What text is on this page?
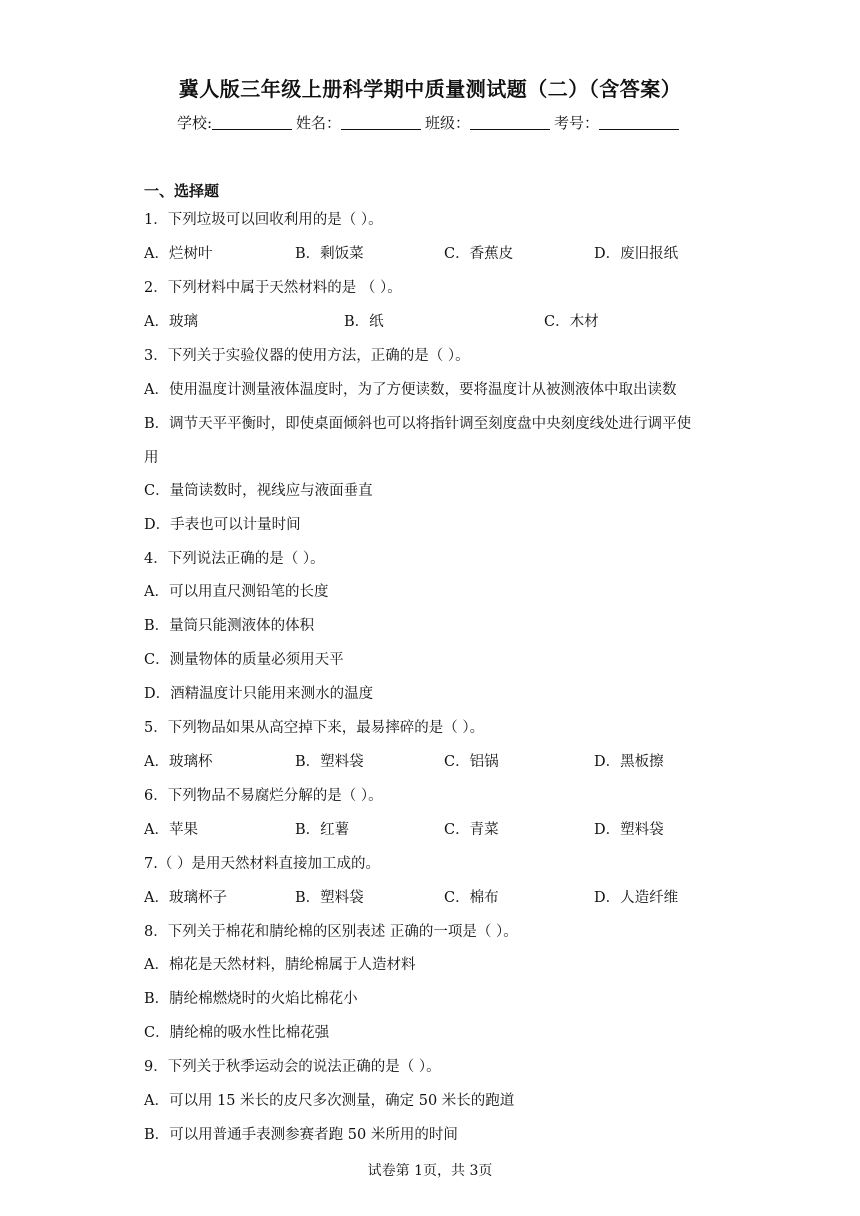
冀人版三年级上册科学期中质量测试题（二）（含答案）
学校:	姓名：	班级：	考号：
一、选择题
1．下列垃圾可以回收利用的是（ ）。
A．烂树叶	B．剩饭菜	C．香蕉皮	D．废旧报纸
2．下列材料中属于天然材料的是 （ ）。
A．玻璃	B．纸	C．木材
3．下列关于实验仪器的使用方法，正确的是（ ）。
A．使用温度计测量液体温度时，为了方便读数，要将温度计从被测液体中取出读数
B．调节天平平衡时，即使桌面倾斜也可以将指针调至刻度盘中央刻度线处进行调平使
用
C．量筒读数时，视线应与液面垂直
D．手表也可以计量时间
4．下列说法正确的是（ ）。
A．可以用直尺测铅笔的长度
B．量筒只能测液体的体积
C．测量物体的质量必须用天平
D．酒精温度计只能用来测水的温度
5．下列物品如果从高空掉下来，最易摔碎的是（ ）。
A．玻璃杯	B．塑料袋	C．铝锅	D．黑板擦
6．下列物品不易腐烂分解的是（ ）。
A．苹果	B．红薯	C．青菜	D．塑料袋
7.（ ）是用天然材料直接加工成的。
A．玻璃杯子	B．塑料袋	C．棉布	D．人造纤维
8．下列关于棉花和腈纶棉的区别表述 正确的一项是（ ）。
A．棉花是天然材料，腈纶棉属于人造材料
B．腈纶棉燃烧时的火焰比棉花小
C．腈纶棉的吸水性比棉花强
9．下列关于秋季运动会的说法正确的是（ ）。
A．可以用 15 米长的皮尺多次测量，确定 50 米长的跑道
B．可以用普通手表测参赛者跑 50 米所用的时间
试卷第 1页，共 3页
